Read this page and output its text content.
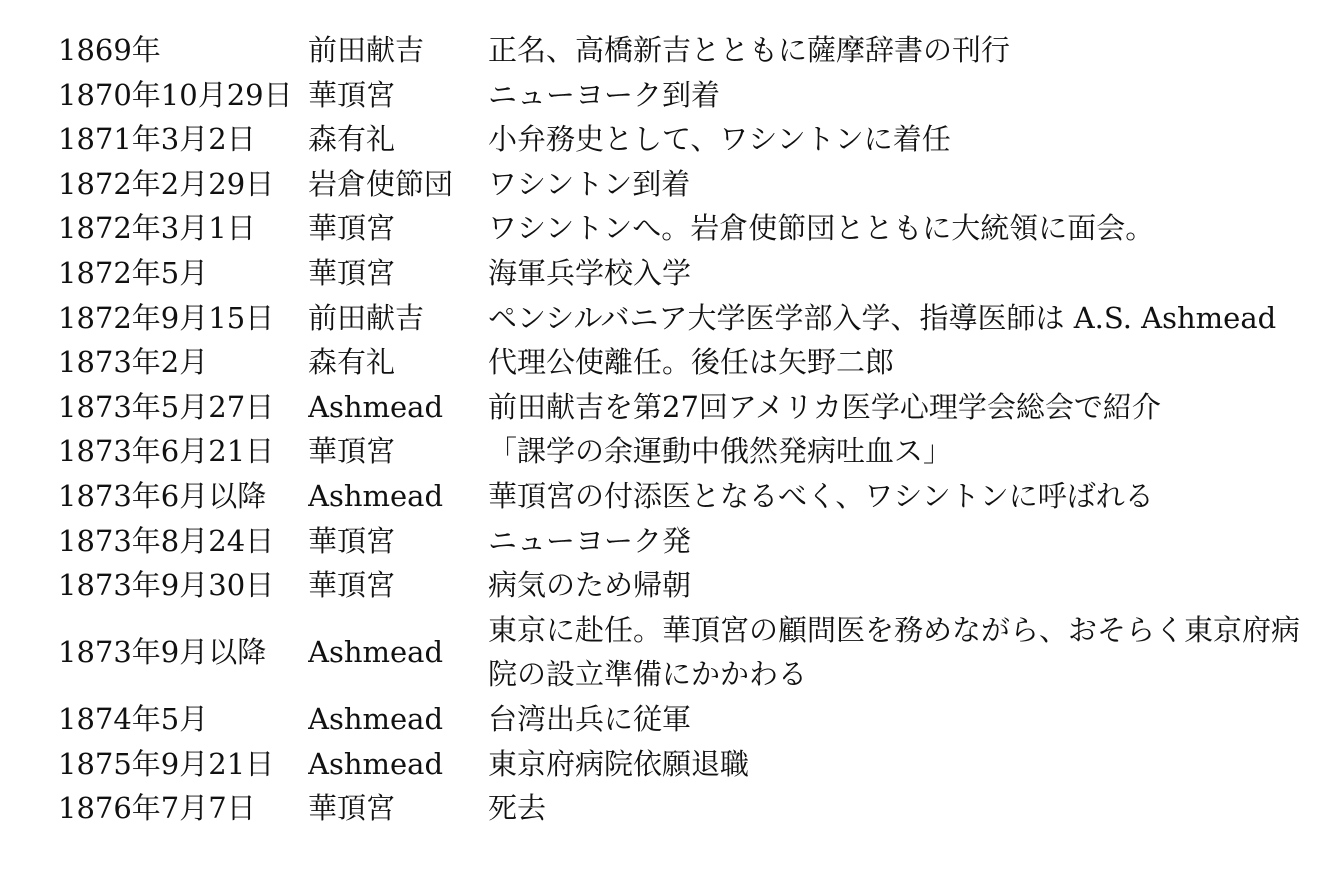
1869年	前田献吉	正名、高橋新吉とともに薩摩辞書の刊行
1870年10月29日	華頂宮	ニューヨーク到着
1871年3月2日	森有礼	小弁務史として、ワシントンに着任
1872年2月29日	岩倉使節団	ワシントン到着
1872年3月1日	華頂宮	ワシントンへ。岩倉使節団とともに大統領に面会。
1872年5月	華頂宮	海軍兵学校入学
1872年9月15日	前田献吉	ペンシルバニア大学医学部入学、指導医師は A.S. Ashmead
1873年2月	森有礼	代理公使離任。後任は矢野二郎
1873年5月27日	Ashmead	前田献吉を第27回アメリカ医学心理学会総会で紹介
1873年6月21日	華頂宮	「課学の余運動中俄然発病吐血ス」
1873年6月以降	Ashmead	華頂宮の付添医となるべく、ワシントンに呼ばれる
1873年8月24日	華頂宮	ニューヨーク発
1873年9月30日	華頂宮	病気のため帰朝
1873年9月以降	Ashmead	東京に赴任。華頂宮の顧問医を務めながら、おそらく東京府病院の設立準備にかかわる
1874年5月	Ashmead	台湾出兵に従軍
1875年9月21日	Ashmead	東京府病院依願退職
1876年7月7日	華頂宮	死去
